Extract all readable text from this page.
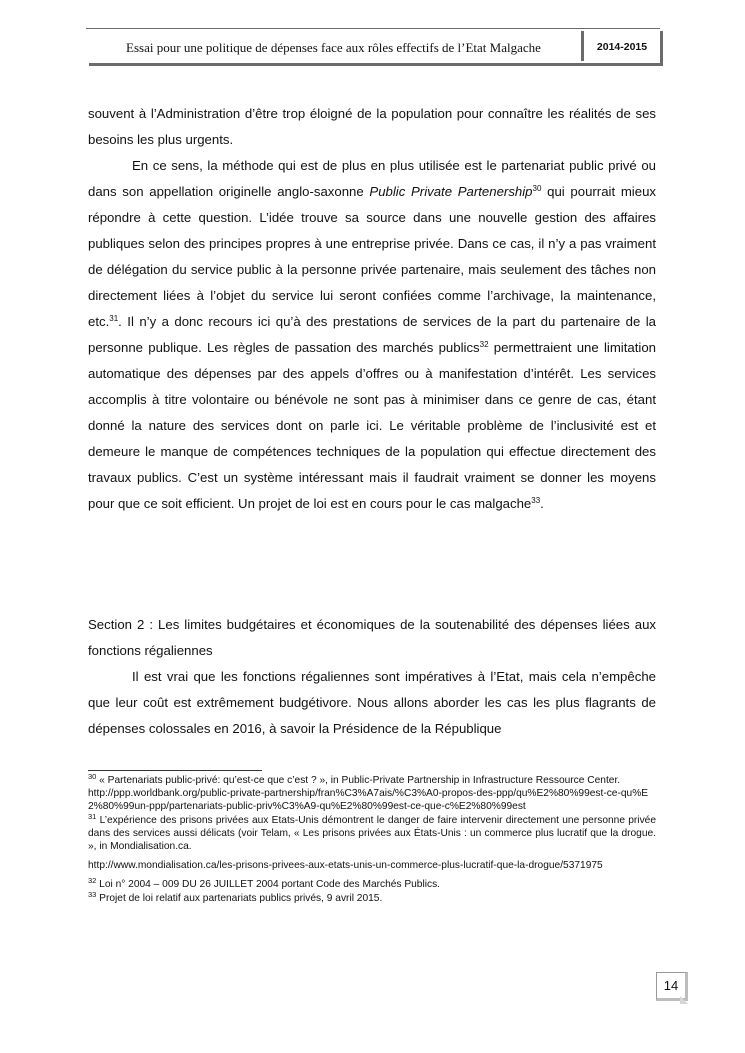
Essai pour une politique de dépenses face aux rôles effectifs de l’Etat Malgache	2014-2015

souvent à l’Administration d’être trop éloigné de la population pour connaître les réalités de ses besoins les plus urgents.

En ce sens, la méthode qui est de plus en plus utilisée est le partenariat public privé ou dans son appellation originelle anglo-saxonne Public Private Partenership$^{30}$ qui pourrait mieux répondre à cette question. L’idée trouve sa source dans une nouvelle gestion des affaires publiques selon des principes propres à une entreprise privée. Dans ce cas, il n’y a pas vraiment de délégation du service public à la personne privée partenaire, mais seulement des tâches non directement liées à l’objet du service lui seront confiées comme l’archivage, la maintenance, etc.$^{31}$. Il n’y a donc recours ici qu’à des prestations de services de la part du partenaire de la personne publique. Les règles de passation des marchés publics$^{32}$ permettraient une limitation automatique des dépenses par des appels d’offres ou à manifestation d’intérêt. Les services accomplis à titre volontaire ou bénévole ne sont pas à minimiser dans ce genre de cas, étant donné la nature des services dont on parle ici. Le véritable problème de l’inclusivité est et demeure le manque de compétences techniques de la population qui effectue directement des travaux publics. C’est un système intéressant mais il faudrait vraiment se donner les moyens pour que ce soit efficient. Un projet de loi est en cours pour le cas malgache$^{33}$.

Section 2 : Les limites budgétaires et économiques de la soutenabilité des dépenses liées aux fonctions régaliennes

Il est vrai que les fonctions régaliennes sont impératives à l’Etat, mais cela n’empêche que leur coût est extrêmement budgétivore. Nous allons aborder les cas les plus flagrants de dépenses colossales en 2016, à savoir la Présidence de la République

$^{30}$ « Partenariats public-privé: qu’est-ce que c’est ? », in Public-Private Partnership in Infrastructure Ressource Center.

http://ppp.worldbank.org/public-private-partnership/fran%C3%A7ais/%C3%A0-propos-des-ppp/qu%E2%80%99est-ce-qu%E2%80%99un-ppp/partenariats-public-priv%C3%A9-qu%E2%80%99est-ce-que-c%E2%80%99est

$^{31}$ L’expérience des prisons privées aux Etats-Unis démontrent le danger de faire intervenir directement une personne privée dans des services aussi délicats (voir Telam, « Les prisons privées aux États-Unis : un commerce plus lucratif que la drogue. », in Mondialisation.ca.

http://www.mondialisation.ca/les-prisons-privees-aux-etats-unis-un-commerce-plus-lucratif-que-la-drogue/5371975

$^{32}$ Loi n° 2004 – 009 DU 26 JUILLET 2004 portant Code des Marchés Publics.

$^{33}$ Projet de loi relatif aux partenariats publics privés, 9 avril 2015.

14
